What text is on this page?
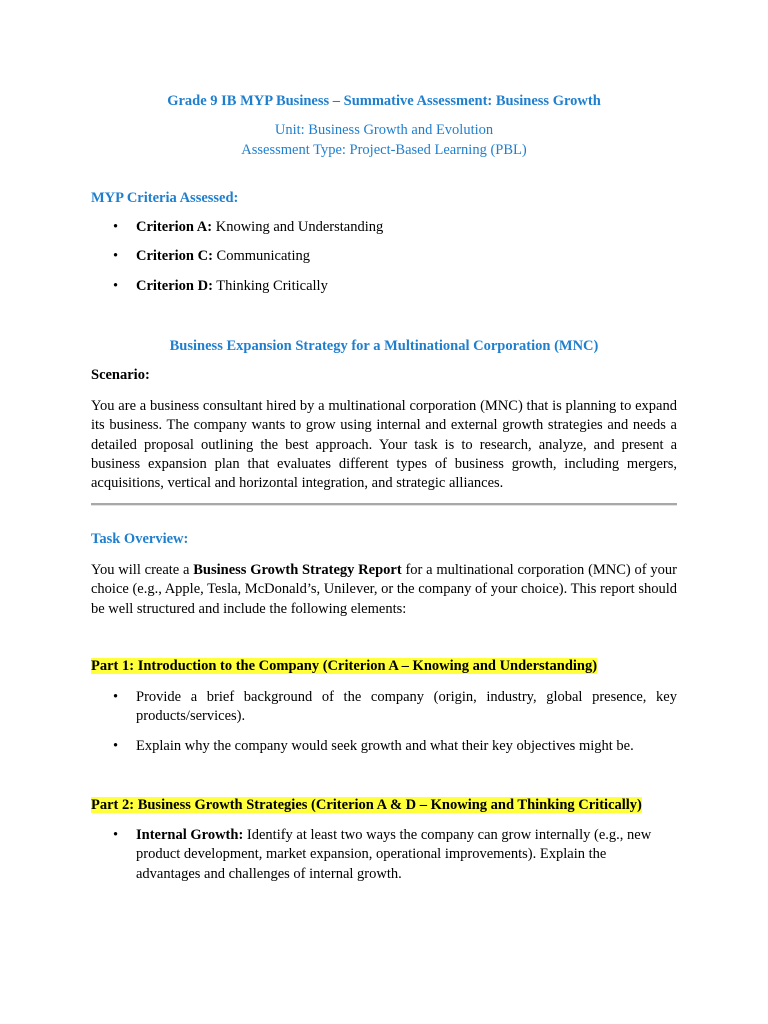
Grade 9 IB MYP Business – Summative Assessment: Business Growth
Unit: Business Growth and Evolution
Assessment Type: Project-Based Learning (PBL)
MYP Criteria Assessed:
• Criterion A: Knowing and Understanding
• Criterion C: Communicating
• Criterion D: Thinking Critically
Business Expansion Strategy for a Multinational Corporation (MNC)
Scenario:

You are a business consultant hired by a multinational corporation (MNC) that is planning to expand its business. The company wants to grow using internal and external growth strategies and needs a detailed proposal outlining the best approach. Your task is to research, analyze, and present a business expansion plan that evaluates different types of business growth, including mergers, acquisitions, vertical and horizontal integration, and strategic alliances.

Task Overview:

You will create a Business Growth Strategy Report for a multinational corporation (MNC) of your choice (e.g., Apple, Tesla, McDonald’s, Unilever, or the company of your choice). This report should be well structured and include the following elements:

Part 1: Introduction to the Company (Criterion A – Knowing and Understanding)
• Provide a brief background of the company (origin, industry, global presence, key products/services).
• Explain why the company would seek growth and what their key objectives might be.
Part 2: Business Growth Strategies (Criterion A & D – Knowing and Thinking Critically)
• Internal Growth: Identify at least two ways the company can grow internally (e.g., new product development, market expansion, operational improvements). Explain the advantages and challenges of internal growth.
